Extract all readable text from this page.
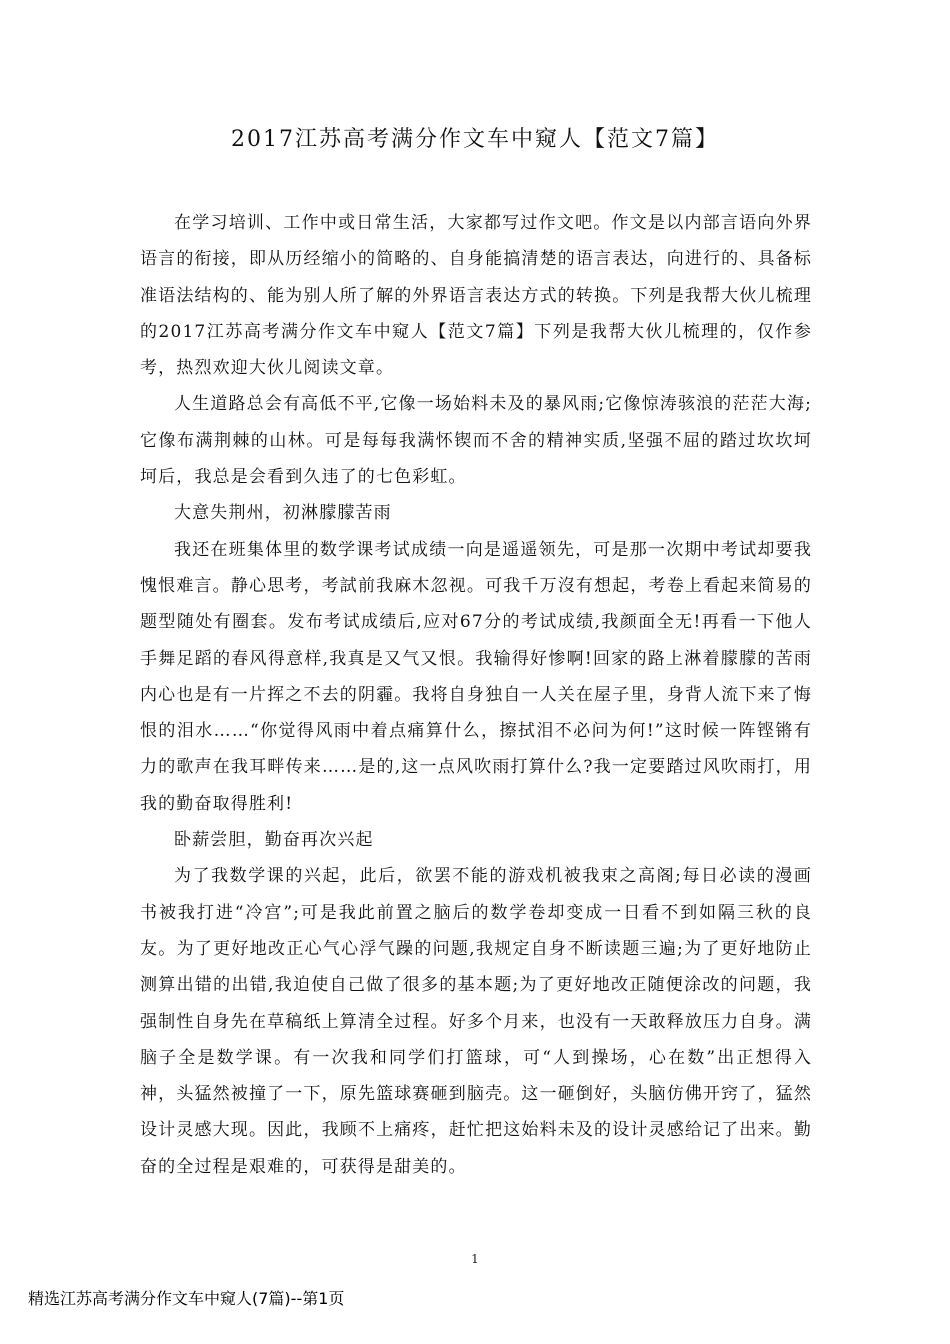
2017江苏高考满分作文车中窥人【范文7篇】

在学习培训、工作中或日常生活，大家都写过作文吧。作文是以内部言语向外界语言的衔接，即从历经缩小的简略的、自身能搞清楚的语言表达，向进行的、具备标准语法结构的、能为别人所了解的外界语言表达方式的转换。下列是我帮大伙儿梳理的2017江苏高考满分作文车中窥人【范文7篇】下列是我帮大伙儿梳理的，仅作参考，热烈欢迎大伙儿阅读文章。

人生道路总会有高低不平,它像一场始料未及的暴风雨;它像惊涛骇浪的茫茫大海;它像布满荆棘的山林。可是每每我满怀锲而不舍的精神实质,坚强不屈的踏过坎坎坷坷后，我总是会看到久违了的七色彩虹。

大意失荆州，初淋朦朦苦雨

我还在班集体里的数学课考试成绩一向是遥遥领先，可是那一次期中考试却要我愧恨难言。静心思考，考試前我麻木忽视。可我千万沒有想起，考卷上看起来简易的题型随处有圈套。发布考试成绩后,应对67分的考试成绩,我颜面全无!再看一下他人手舞足蹈的春风得意样,我真是又气又恨。我输得好惨啊!回家的路上淋着朦朦的苦雨内心也是有一片挥之不去的阴霾。我将自身独自一人关在屋子里，身背人流下来了悔恨的泪水……“你觉得风雨中着点痛算什么，擦拭泪不必问为何!”这时候一阵铿锵有力的歌声在我耳畔传来……是的,这一点风吹雨打算什么?我一定要踏过风吹雨打，用我的勤奋取得胜利!

卧薪尝胆，勤奋再次兴起

为了我数学课的兴起，此后，欲罢不能的游戏机被我束之高阁;每日必读的漫画书被我打进“冷宫”;可是我此前置之脑后的数学卷却变成一日看不到如隔三秋的良友。为了更好地改正心气心浮气躁的问题,我规定自身不断读题三遍;为了更好地防止测算出错的出错,我迫使自己做了很多的基本题;为了更好地改正随便涂改的问题，我强制性自身先在草稿纸上算清全过程。好多个月来，也没有一天敢释放压力自身。满脑子全是数学课。有一次我和同学们打篮球，可“人到操场，心在数”出正想得入神，头猛然被撞了一下，原先篮球赛砸到脑壳。这一砸倒好，头脑仿佛开窍了，猛然设计灵感大现。因此，我顾不上痛疼，赶忙把这始料未及的设计灵感给记了出来。勤奋的全过程是艰难的，可获得是甜美的。

1
精选江苏高考满分作文车中窥人(7篇)--第1页
